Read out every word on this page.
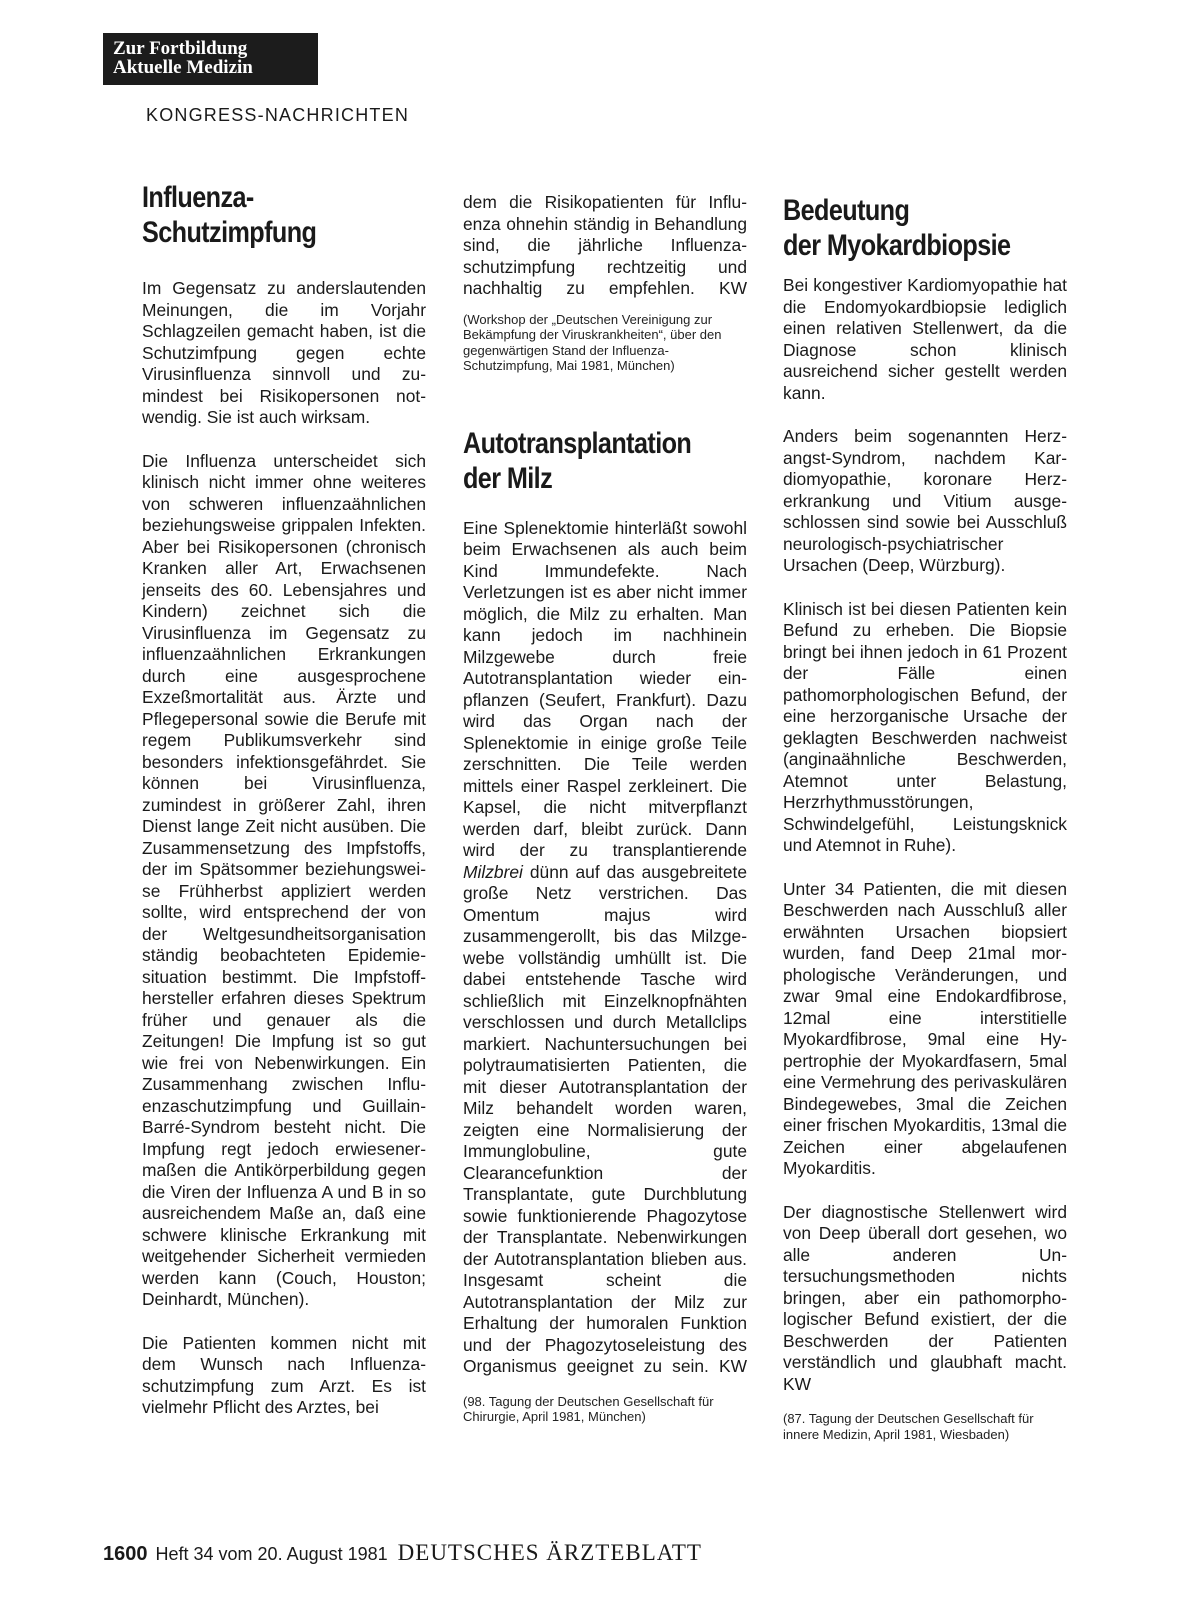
Zur Fortbildung
Aktuelle Medizin
KONGRESS-NACHRICHTEN
Influenza-
Schutzimpfung

Im Gegensatz zu anderslautenden Meinungen, die im Vorjahr Schlagzeilen gemacht haben, ist die Schutzimfpung gegen echte Virusinfluenza sinnvoll und zumindest bei Risikopersonen notwendig. Sie ist auch wirksam.

Die Influenza unterscheidet sich klinisch nicht immer ohne weiteres von schweren influenzaähnlichen beziehungsweise grippalen Infekten. Aber bei Risikopersonen (chronisch Kranken aller Art, Erwachsenen jenseits des 60. Lebensjahres und Kindern) zeichnet sich die Virusinfluenza im Gegensatz zu influenzaähnlichen Erkrankungen durch eine ausgesprochene Exzeßmortalität aus. Ärzte und Pflegepersonal sowie die Berufe mit regem Publikumsverkehr sind besonders infektionsgefährdet. Sie können bei Virusinfluenza, zumindest in größerer Zahl, ihren Dienst lange Zeit nicht ausüben. Die Zusammensetzung des Impfstoffs, der im Spätsommer beziehungsweise Frühherbst appliziert werden sollte, wird entsprechend der von der Weltgesundheitsorganisation ständig beobachteten Epidemiesituation bestimmt. Die Impfstoffhersteller erfahren dieses Spektrum früher und genauer als die Zeitungen! Die Impfung ist so gut wie frei von Nebenwirkungen. Ein Zusammenhang zwischen Influenzaschutzimpfung und Guillain-Barré-Syndrom besteht nicht. Die Impfung regt jedoch erwiesenermaßen die Antikörperbildung gegen die Viren der Influenza A und B in so ausreichendem Maße an, daß eine schwere klinische Erkrankung mit weitgehender Sicherheit vermieden werden kann (Couch, Houston; Deinhardt, München).

Die Patienten kommen nicht mit dem Wunsch nach Influenzaschutzimpfung zum Arzt. Es ist vielmehr Pflicht des Arztes, bei

dem die Risikopatienten für Influenza ohnehin ständig in Behandlung sind, die jährliche Influenzaschutzimpfung rechtzeitig und nachhaltig zu empfehlen. KW

(Workshop der „Deutschen Vereinigung zur Bekämpfung der Viruskrankheiten“, über den gegenwärtigen Stand der Influenza-Schutzimpfung, Mai 1981, München)

Autotransplantation
der Milz

Eine Splenektomie hinterläßt sowohl beim Erwachsenen als auch beim Kind Immundefekte. Nach Verletzungen ist es aber nicht immer möglich, die Milz zu erhalten. Man kann jedoch im nachhinein Milzgewebe durch freie Autotransplantation wieder einpflanzen (Seufert, Frankfurt). Dazu wird das Organ nach der Splenektomie in einige große Teile zerschnitten. Die Teile werden mittels einer Raspel zerkleinert. Die Kapsel, die nicht mitverpflanzt werden darf, bleibt zurück. Dann wird der zu transplantierende Milzbrei dünn auf das ausgebreitete große Netz verstrichen. Das Omentum majus wird zusammengerollt, bis das Milzgewebe vollständig umhüllt ist. Die dabei entstehende Tasche wird schließlich mit Einzelknopfnähten verschlossen und durch Metallclips markiert. Nachuntersuchungen bei polytraumatisierten Patienten, die mit dieser Autotransplantation der Milz behandelt worden waren, zeigten eine Normalisierung der Immunglobuline, gute Clearancefunktion der Transplantate, gute Durchblutung sowie funktionierende Phagozytose der Transplantate. Nebenwirkungen der Autotransplantation blieben aus. Insgesamt scheint die Autotransplantation der Milz zur Erhaltung der humoralen Funktion und der Phagozytoseleistung des Organismus geeignet zu sein. KW

(98. Tagung der Deutschen Gesellschaft für Chirurgie, April 1981, München)

Bedeutung
der Myokardbiopsie

Bei kongestiver Kardiomyopathie hat die Endomyokardbiopsie lediglich einen relativen Stellenwert, da die Diagnose schon klinisch ausreichend sicher gestellt werden kann.

Anders beim sogenannten Herzangst-Syndrom, nachdem Kardiomyopathie, koronare Herzerkrankung und Vitium ausgeschlossen sind sowie bei Ausschluß neurologisch-psychiatrischer Ursachen (Deep, Würzburg).

Klinisch ist bei diesen Patienten kein Befund zu erheben. Die Biopsie bringt bei ihnen jedoch in 61 Prozent der Fälle einen pathomorphologischen Befund, der eine herzorganische Ursache der geklagten Beschwerden nachweist (anginaähnliche Beschwerden, Atemnot unter Belastung, Herzrhythmusstörungen, Schwindelgefühl, Leistungsknick und Atemnot in Ruhe).

Unter 34 Patienten, die mit diesen Beschwerden nach Ausschluß aller erwähnten Ursachen biopsiert wurden, fand Deep 21mal morphologische Veränderungen, und zwar 9mal eine Endokardfibrose, 12mal eine interstitielle Myokardfibrose, 9mal eine Hypertrophie der Myokardfasern, 5mal eine Vermehrung des perivaskulären Bindegewebes, 3mal die Zeichen einer frischen Myokarditis, 13mal die Zeichen einer abgelaufenen Myokarditis.

Der diagnostische Stellenwert wird von Deep überall dort gesehen, wo alle anderen Untersuchungsmethoden nichts bringen, aber ein pathomorphologischer Befund existiert, der die Beschwerden der Patienten verständlich und glaubhaft macht. KW

(87. Tagung der Deutschen Gesellschaft für innere Medizin, April 1981, Wiesbaden)

1600 Heft 34 vom 20. August 1981 DEUTSCHES ÄRZTEBLATT
